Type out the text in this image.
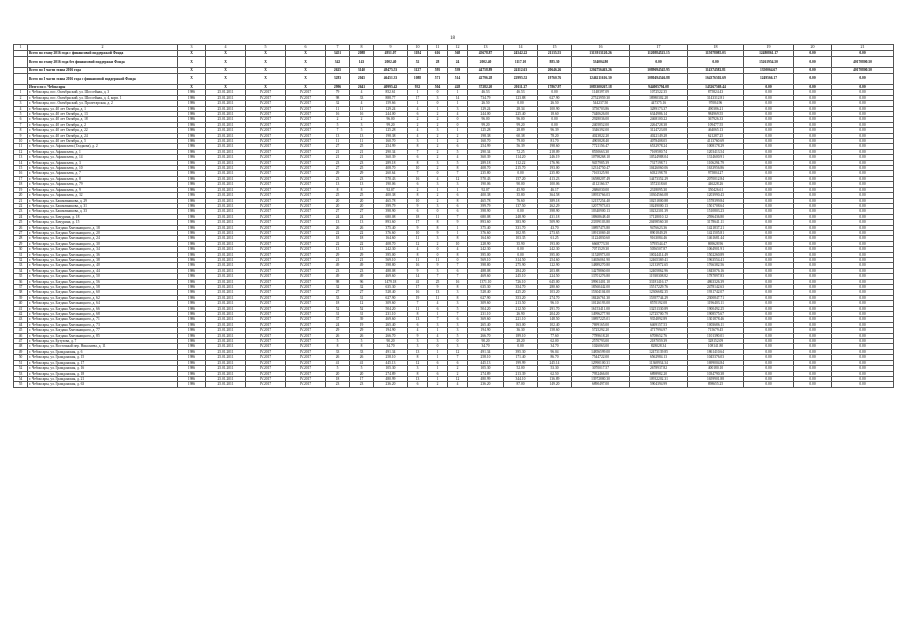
18
1	2	3	4	5	6	7	8	9	10	11	12	13	14	15	16	17	18	19	20	21
	Всего по этапу 2016 года с финансовой поддержкой Фонда	X	X	X	X	3451	2088	4951.07	1184	616	568	45678.87	24542.22	21135.55	1313913120.26	1120884525.15	115078085.03	12480861.17	0.00	0.00
	Всего по этапу 2016 года без финансовой поддержки Фонда	X	X	X	X	342	143	2002.40	52	28	24	2002.40	1117.10	885.30	534004.80	0.00	0.00	15261954.50	0.00	40170800.50
	Всего по I части этапа 2016 года	X	X	X	X	2625	3140	49475.53	1127	595	539	44758.89	24112.63	20646.26	1204756463.26	1089694545.95	114374582.81	1350064.67	0.00	40170800.50
	Всего по I части этапа 2016 года с финансовой поддержкой Фонда	X	X	X	X	3283	2045	46451.33	1088	571	514	42796.28	22995.52	19760.76	1246211616.30	1080494546.88	164376502.69	1249566.17	0.00	0.00
	Итого по г. Чебоксары	X	X	X	X	2996	2641	40995.42	932	504	428	37282.20	20111.27	17867.97	1083300267.18	944005794.08	143267569.44	0.00	0.00	0.00
1	г. Чебоксары, пос. Октябрьский, ул. Шоссейная, д. 3	1986	25.01.2011	IV.2017	IV.2017	79	4	852.61	1	0	1	46.53	46.53	0.00	1148397.09	1072522.35	875824.43	0.00	0.00	0.00
2	г. Чебоксары, пос. Октябрьский, ул. Шоссейная, д. 4, корп. 1	1986	25.01.2011	IV.2017	IV.2017	98	33	888.77	17	3	14	734.79	123.88	627.90	27523959.30	18980302.28	3143312.81	0.00	0.00	0.00
3	г. Чебоксары, пос. Октябрьский, ул. Пролетарская, д. 2	1986	25.01.2011	IV.2017	IV.2017	32	4	159.66	1	0	1	26.50	0.00	26.50	544237.50	447375.16	97084.96	0.00	0.00	0.00
4	г. Чебоксары, ул. 40 лет Октября, д. 1	1986	25.01.2011	IV.2017	IV.2017	11	11	129.24	4	1	3	129.24	28.34	100.90	3750703.86	3289173.37	490386.21	0.00	0.00	0.00
5	г. Чебоксары, ул. 40 лет Октября, д. 13	1986	25.01.2011	IV.2017	IV.2017	16	16	244.00	6	2	4	244.00	225.40	18.60	7440626.00	6344986.14	984969.55	0.00	0.00	0.00
6	г. Чебоксары, ул. 40 лет Октября, д. 18	1986	25.01.2011	IV.2017	IV.2017	2	2	96.00	2	2	0	96.00	96.00	0.00	2928036.00	2468100.22	367926.33	0.00	0.00	0.00
7	г. Чебоксары, ул. 40 лет Октября, д. 2	1986	25.01.2011	IV.2017	IV.2017	5	3	99.20	2	2	0	99.20	99.20	0.00	2405852.00	2264728.38	109477.55	0.00	0.00	0.00
8	г. Чебоксары, ул. 40 лет Октября, д. 22	1986	25.01.2011	IV.2017	IV.2017	7	5	125.28	4	3	1	125.28	28.89	96.39	3346392.00	3124723.08	464065.13	0.00	0.00	0.00
9	г. Чебоксары, ул. 40 лет Октября, д. 24	1986	25.01.2011	IV.2017	IV.2017	13	13	198.38	4	2	2	198.38	60.38	78.20	4023822.20	4022149.28	621287.25	0.00	0.00	0.00
10	г. Чебоксары, ул. 40 лет Октября, д. 5	1986	25.01.2011	IV.2017	IV.2017	11	11	160.70	3	1	2	160.70	79.00	81.70	4905828.40	4078408.05	4113760.69	0.00	0.00	0.00
11	г. Чебоксары, ул. Афанасьева (Гладкова), д. 2	1986	25.01.2011	IV.2017	IV.2017	27	25	254.99	8	2	6	254.99	56.39	198.60	7721156.47	6532978.24	1008178.29	0.00	0.00	0.00
12	г. Чебоксары, ул. Афанасьева, д. 1	1986	25.01.2011	IV.2017	IV.2017	21	21	290.34	7	2	5	290.34	72.25	218.09	8550663.30	7169580.74	1203413.54	0.00	0.00	0.00
13	г. Чебоксары, ул. Афанасьева, д. 14	1986	25.01.2011	IV.2017	IV.2017	21	21	360.39	6	2	4	360.39	114.20	246.19	10798268.10	10524988.04	1314600.91	0.00	0.00	0.00
14	г. Чебоксары, ул. Афанасьева, д. 3	1986	25.01.2011	IV.2017	IV.2017	23	23	289.18	8	3	5	289.18	112.22	176.96	9457985.39	7317198.71	1106294.79	0.00	0.00	0.00
15	г. Чебоксары, ул. Афанасьева, д. 10	1986	25.01.2011	IV.2017	IV.2017	27	25	408.70	10	2	8	408.70	215.70	193.00	12314750.47	10426060.06	1633956.86	0.00	0.00	0.00
16	г. Чебоксары, ул. Афанасьева, д. 7	1986	25.01.2011	IV.2017	IV.2017	29	29	260.64	7	0	7	235.80	0.00	235.80	7165325.90	6032198.78	975804.27	0.00	0.00	0.00
17	г. Чебоксары, ул. Афанасьева, д. 8	1986	25.01.2011	IV.2017	IV.2017	23	23	570.43	16	4	12	570.43	157.20	413.23	16588207.49	14473352.29	2070012.84	0.00	0.00	0.00
18	г. Чебоксары, ул. Афанасьева, д. 79	1986	25.01.2011	IV.2017	IV.2017	13	13	190.06	6	3	3	190.06	90.00	100.06	4112166.57	3572318.60	446228.26	0.00	0.00	0.00
19	г. Чебоксары, ул. Афанасьева, д. 9	1986	25.01.2011	IV.2017	IV.2017	8	8	92.07	2	1	1	92.07	45.90	46.17	2686030.00	2318095.30	350426.61	0.00	0.00	0.00
20	г. Чебоксары, ул. Афанасьева, д. 32	1986	25.01.2011	IV.2017	IV.2017	25	25	400.38	8	2	6	400.38	35.80	364.58	10953766.03	10304566.08	1203990.43	0.00	0.00	0.00
21	г. Чебоксары, ул. Башмачникова, д. 29	1986	25.01.2011	IV.2017	IV.2017	20	20	465.78	10	2	8	465.78	76.60	389.18	12157254.40	10251800.88	1578399.84	0.00	0.00	0.00
22	г. Чебоксары, ул. Башмачникова, д. 31	1986	25.01.2011	IV.2017	IV.2017	20	20	399.79	9	3	6	399.79	137.50	262.29	12077973.03	10249000.13	1501708.64	0.00	0.00	0.00
23	г. Чебоксары, ул. Башмачникова, д. 33	1986	25.01.2011	IV.2017	IV.2017	27	27	398.90	6	0	6	398.90	0.00	398.90	10340900.13	10232301.39	1510803.23	0.00	0.00	0.00
24	г. Чебоксары, ул. Бичурина, д. 18	1986	25.01.2011	IV.2017	IV.2017	24	24	680.08	18	11	7	680.08	248.90	431.18	18868648.40	17128010.12	2596436.80	0.00	0.00	0.00
25	г. Чебоксары, ул. Бичурина, д. 15	1986	25.01.2011	IV.2017	IV.2017	13	13	893.60	17	8	9	893.60	383.90	509.90	23399103.80	20498560.30	3178641.11	0.00	0.00	0.00
26	г. Чебоксары, ул. Богдана Хмельницкого, д. 18	1986	25.01.2011	IV.2017	IV.2017	26	26	375.40	9	8	1	375.40	331.70	43.70	10897473.80	9476623.36	1421837.21	0.00	0.00	0.00
27	г. Чебоксары, ул. Богдана Хмельницкого, д. 20	1986	25.01.2011	IV.2017	IV.2017	22	22	376.60	10	9	1	376.60	102.95	273.65	10913069.40	8901849.29	1421505.81	0.00	0.00	0.00
28	г. Чебоксары, ул. Богдана Хмельницкого, д. 24	1986	25.01.2011	IV.2017	IV.2017	18	18	164.60	11	3	8	164.60	103.35	61.25	11224830.60	9163084.46	1461681.44	0.00	0.00	0.00
29	г. Чебоксары, ул. Богдана Хмельницкого, д. 30	1986	25.01.2011	IV.2017	IV.2017	22	22	408.70	12	2	10	228.90	35.90	193.00	6668773.50	5795544.47	869628.96	0.00	0.00	0.00
30	г. Чебоксары, ул. Богдана Хмельницкого, д. 34	1986	25.01.2011	IV.2017	IV.2017	13	13	242.30	4	0	4	242.30	0.00	242.30	7071529.30	5056507.87	1064901.91	0.00	0.00	0.00
31	г. Чебоксары, ул. Богдана Хмельницкого, д. 36	1986	25.01.2011	IV.2017	IV.2017	29	29	395.00	8	0	8	395.00	0.00	395.00	11528973.00	10024414.49	1502260.89	0.00	0.00	0.00
32	г. Чебоксары, ул. Богдана Хмельницкого, д. 38	1986	25.01.2011	IV.2017	IV.2017	21	21	569.10	11	11	0	569.10	314.50	254.60	14656061.90	12465369.41	1963554.41	0.00	0.00	0.00
33	г. Чебоксары, ул. Богдана Хмельницкого, д. 40	1986	25.01.2011	IV.2017	IV.2017	49	49	398.80	16	9	7	398.80	275.90	122.90	14889270.80	12133972.65	1766382.56	0.00	0.00	0.00
34	г. Чебоксары, ул. Богдана Хмельницкого, д. 44	1986	25.01.2011	IV.2017	IV.2017	23	23	488.08	9	3	6	488.08	284.20	203.88	14278860.00	12405862.96	1845076.16	0.00	0.00	0.00
35	г. Чебоксары, ул. Богдана Хмельницкого, д. 50	1986	25.01.2011	IV.2017	IV.2017	49	49	469.60	14	7	7	469.60	245.10	224.50	13701276.80	11938308.82	1787897.83	0.00	0.00	0.00
36	г. Чебоксары, ул. Богдана Хмельницкого, д. 56	1986	25.01.2011	IV.2017	IV.2017	98	96	1479.18	41	25	16	1371.10	726.10	645.00	39961401.10	33181416.17	4863326.39	0.00	0.00	0.00
37	г. Чебоксары, ул. Богдана Хмельницкого, д. 58	1986	25.01.2011	IV.2017	IV.2017	32	32	635.30	17	9	8	635.30	354.70	280.60	18560442.00	15517229.76	2478142.63	0.00	0.00	0.00
38	г. Чебоксары, ул. Богдана Хмельницкого, д. 60	1986	25.01.2011	IV.2017	IV.2017	27	27	528.40	16	13	3	528.40	425.20	103.20	15304104.00	12306682.35	1931742.07	0.00	0.00	0.00
39	г. Чебоксары, ул. Богдана Хмельницкого, д. 62	1986	25.01.2011	IV.2017	IV.2017	33	31	627.90	19	11	8	627.90	353.20	274.70	18426761.30	15397744.29	2300847.71	0.00	0.00	0.00
40	г. Чебоксары, ул. Богдана Хмельницкого, д. 64	1986	25.01.2011	IV.2017	IV.2017	18	12	309.60	7	4	3	309.60	213.50	96.10	10126193.00	8570192.08	1196403.11	0.00	0.00	0.00
41	г. Чебоксары, ул. Богдана Хмельницкого, д. 66	1986	25.01.2011	IV.2017	IV.2017	52	52	504.20	11	6	5	504.20	212.50	291.70	16153411.00	13251330.89	1900492.25	0.00	0.00	0.00
42	г. Чебоксары, ул. Богдана Хмельницкого, д. 68	1986	25.01.2011	IV.2017	IV.2017	31	31	231.10	8	1	7	231.10	26.90	204.20	14996277.90	12725700.79	1908575.67	0.00	0.00	0.00
43	г. Чебоксары, ул. Богдана Хмельницкого, д. 71	1986	25.01.2011	IV.2017	IV.2017	37	39	469.60	13	7	6	369.60	221.10	148.50	10897225.01	9354892.89	1301878.46	0.00	0.00	0.00
44	г. Чебоксары, ул. Богдана Хмельницкого, д. 73	1986	25.01.2011	IV.2017	IV.2017	24	19	265.40	6	3	3	265.40	163.00	102.40	7699165.00	6469157.53	1003686.11	0.00	0.00	0.00
45	г. Чебоксары, ул. Богдана Хмельницкого, д. 77	1986	25.01.2011	IV.2017	IV.2017	29	29	194.90	4	1	3	194.90	36.30	158.60	5725292.20	4717994.97	715679.45	0.00	0.00	0.00
46	г. Чебоксары, ул. Богдана Хмельницкого, д. 85	1986	25.01.2011	IV.2017	IV.2017	26	26	266.70	9	4	5	266.70	189.10	77.60	7789618.20	6708652.76	1101390.01	0.00	0.00	0.00
47	г. Чебоксары, ул. Бутузова, д. 7	1986	25.01.2011	IV.2017	IV.2017	5	5	90.20	3	3	0	90.20	28.20	62.00	2570793.00	2187059.39	328152.09	0.00	0.00	0.00
48	г. Чебоксары, ул. Восточный пер. Николаева, д. 11	1986	25.01.2011	IV.2017	IV.2017	8	8	34.70	3	0	3	34.70	0.00	34.70	1026063.00	828028.34	108141.80	0.00	0.00	0.00
49	г. Чебоксары, ул. Гражданская, д. 6	1986	25.01.2011	IV.2017	IV.2017	33	33	491.34	13	1	12	491.34	395.30	96.04	14856599.00	12473139.85	1861410.64	0.00	0.00	0.00
50	г. Чебоксары, ул. Гражданская, д. 15	1986	25.01.2011	IV.2017	IV.2017	26	26	258.10	8	1	7	258.10	171.40	86.70	7544722.00	6562984.13	1045376.03	0.00	0.00	0.00
51	г. Чебоксары, ул. Гражданская, д. 17	1986	25.01.2011	IV.2017	IV.2017	41	41	445.13	12	6	6	445.13	199.99	245.14	12990100.31	11368934.34	1699004.84	0.00	0.00	0.00
52	г. Чебоксары, ул. Гражданская, д. 16	1986	25.01.2011	IV.2017	IV.2017	5	5	105.30	3	1	2	105.30	52.00	53.30	3070017.57	2678937.82	400180.10	0.00	0.00	0.00
53	г. Чебоксары, ул. Гражданская, д. 18	1986	25.01.2011	IV.2017	IV.2017	20	20	274.89	8	6	2	274.89	213.39	62.50	7952466.00	6898982.20	1034790.38	0.00	0.00	0.00
54	г. Чебоксары, ул. Гражданская, д. 21	1986	25.01.2011	IV.2017	IV.2017	18	17	480.99	13	1	12	480.99	344.10	136.89	13972880.30	10932202.31	1659901.88	0.00	0.00	0.00
55	г. Чебоксары, ул. Гражданская, д. 63	1986	25.01.2011	IV.2017	IV.2017	23	23	236.20	6	2	4	236.20	87.00	149.20	6890497.00	5904394.99	898655.25	0.00	0.00	0.00
